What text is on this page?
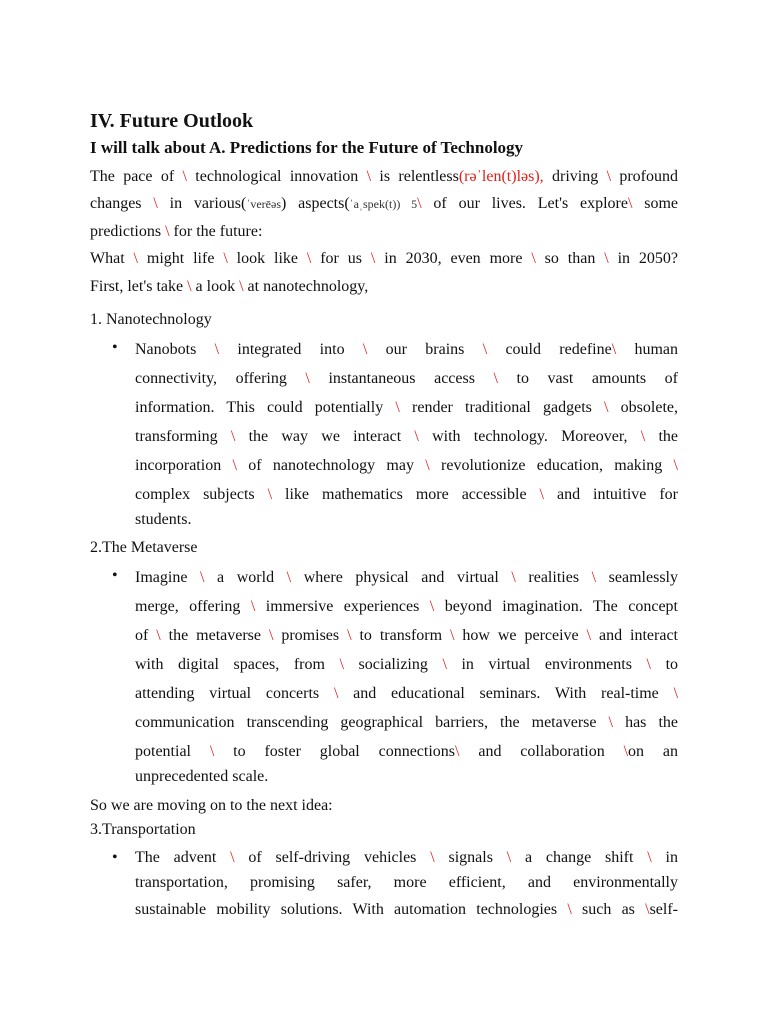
IV. Future Outlook
I will talk about A. Predictions for the Future of Technology
The pace of \ technological innovation \ is relentless(rəˈlen(t)ləs), driving \ profound
changes \ in various(ˈverēəs) aspects(ˈaˌspek(t)) 5\ of our lives. Let's explore\ some
predictions \ for the future:
What \ might life \ look like \ for us \ in 2030, even more \ so than \ in 2050?
First, let's take \ a look \ at nanotechnology,
1. Nanotechnology
• Nanobots \ integrated into \ our brains \ could redefine\ human
connectivity, offering \ instantaneous access \ to vast amounts of
information. This could potentially \ render traditional gadgets \ obsolete,
transforming \ the way we interact \ with technology. Moreover, \ the
incorporation \ of nanotechnology may \ revolutionize education, making \
complex subjects \ like mathematics more accessible \ and intuitive for
students.
2.The Metaverse
• Imagine \ a world \ where physical and virtual \ realities \ seamlessly
merge, offering \ immersive experiences \ beyond imagination. The concept
of \ the metaverse \ promises \ to transform \ how we perceive \ and interact
with digital spaces, from \ socializing \ in virtual environments \ to
attending virtual concerts \ and educational seminars. With real-time \
communication transcending geographical barriers, the metaverse \ has the
potential \ to foster global connections\ and collaboration \on an
unprecedented scale.
So we are moving on to the next idea:
3.Transportation
• The advent \ of self-driving vehicles \ signals \ a change shift \ in
transportation, promising safer, more efficient, and environmentally
sustainable mobility solutions. With automation technologies \ such as \self-
